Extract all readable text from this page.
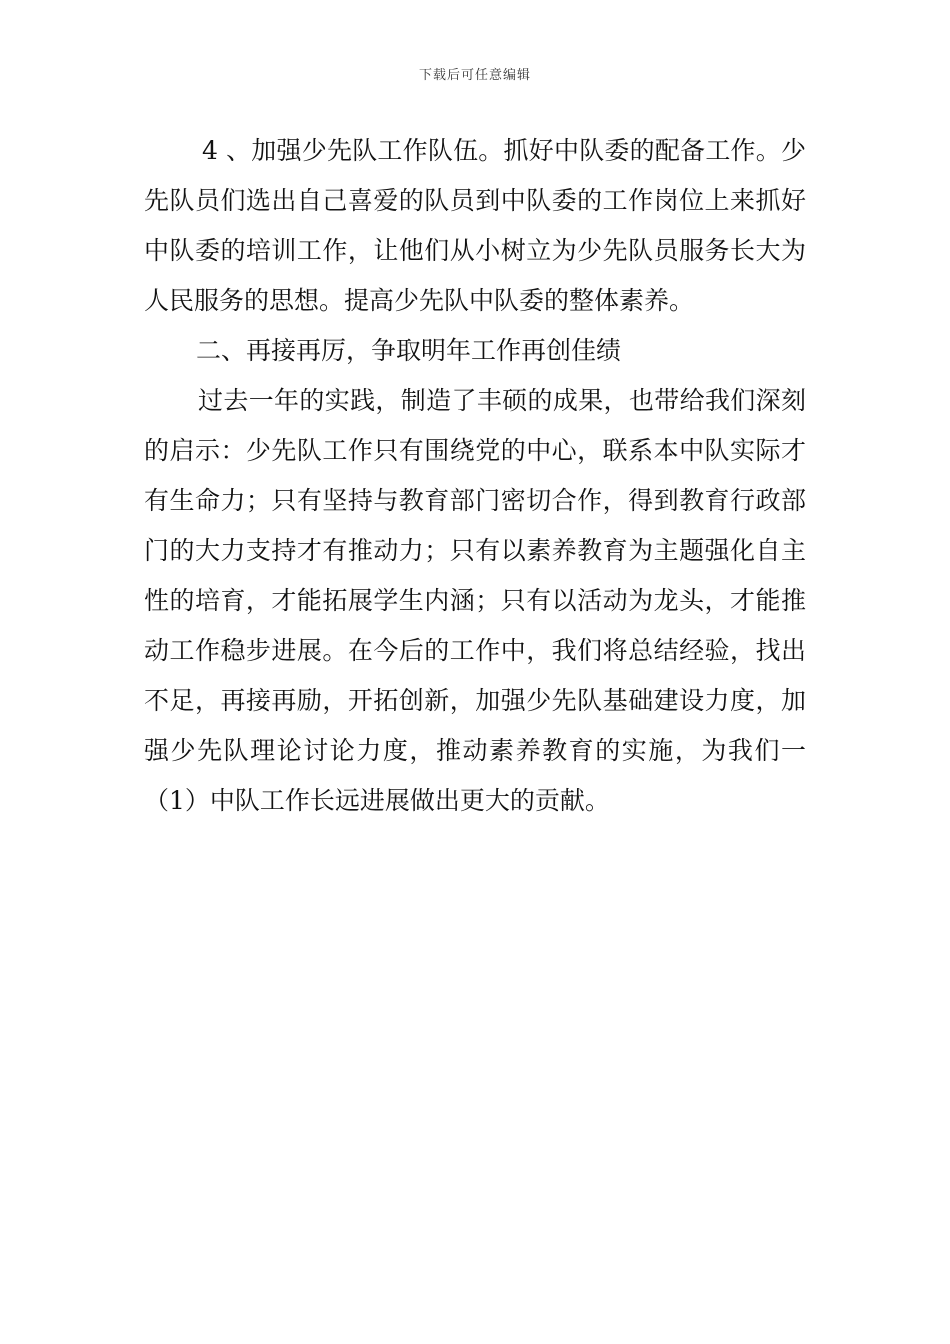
下载后可任意编辑

4 、加强少先队工作队伍。抓好中队委的配备工作。少先队员们选出自己喜爱的队员到中队委的工作岗位上来抓好中队委的培训工作，让他们从小树立为少先队员服务长大为人民服务的思想。提高少先队中队委的整体素养。

二、再接再厉，争取明年工作再创佳绩

过去一年的实践，制造了丰硕的成果，也带给我们深刻的启示：少先队工作只有围绕党的中心，联系本中队实际才有生命力；只有坚持与教育部门密切合作，得到教育行政部门的大力支持才有推动力；只有以素养教育为主题强化自主性的培育，才能拓展学生内涵；只有以活动为龙头，才能推动工作稳步进展。在今后的工作中，我们将总结经验，找出不足，再接再励，开拓创新，加强少先队基础建设力度，加强少先队理论讨论力度，推动素养教育的实施，为我们一（1）中队工作长远进展做出更大的贡献。
